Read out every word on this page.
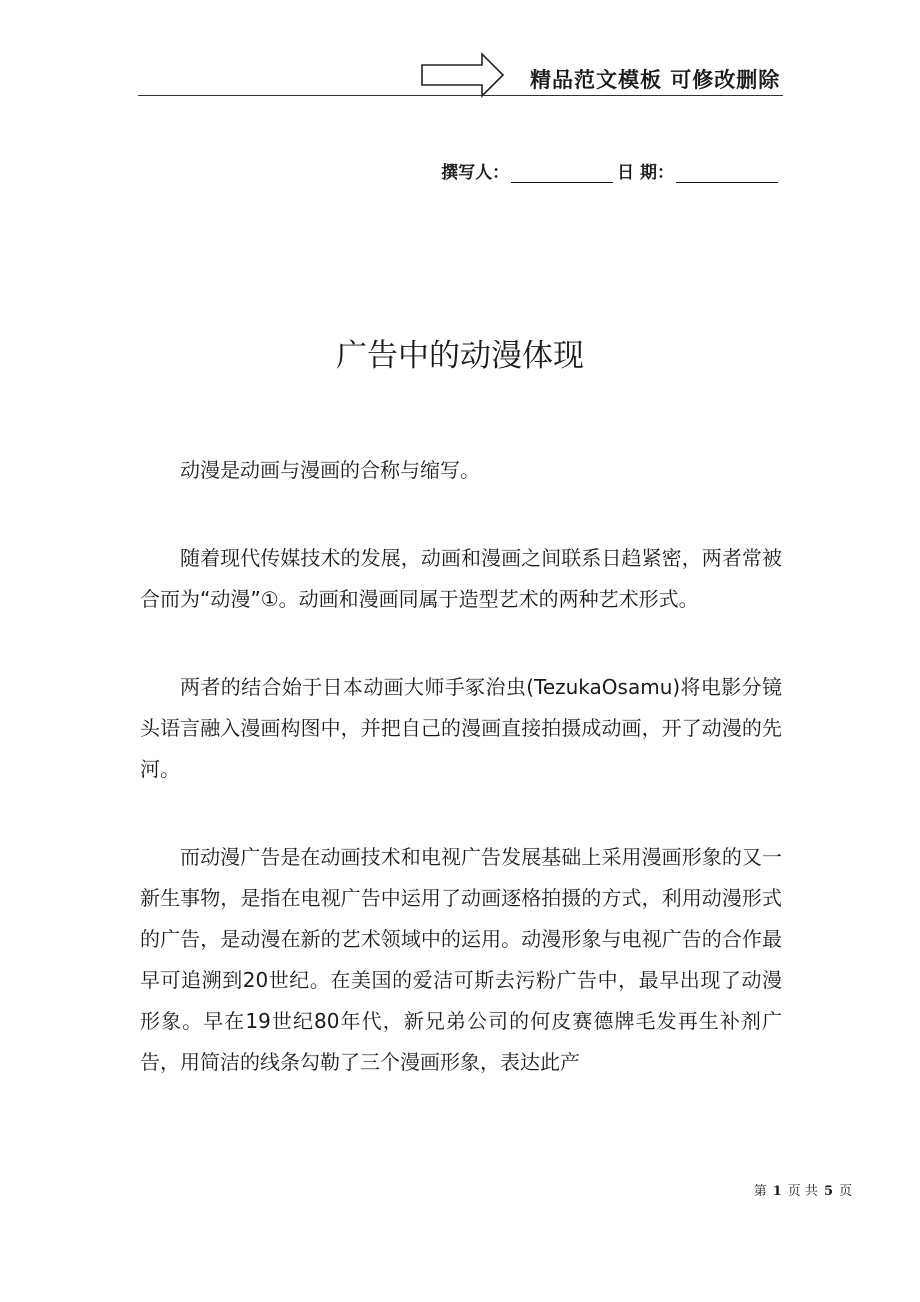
精品范文模板 可修改删除
撰写人：	日 期：
广告中的动漫体现

动漫是动画与漫画的合称与缩写。

随着现代传媒技术的发展，动画和漫画之间联系日趋紧密，两者常被合而为“动漫”①。动画和漫画同属于造型艺术的两种艺术形式。

两者的结合始于日本动画大师手冢治虫(TezukaOsamu)将电影分镜头语言融入漫画构图中，并把自己的漫画直接拍摄成动画，开了动漫的先河。

而动漫广告是在动画技术和电视广告发展基础上采用漫画形象的又一新生事物，是指在电视广告中运用了动画逐格拍摄的方式，利用动漫形式的广告，是动漫在新的艺术领域中的运用。动漫形象与电视广告的合作最早可追溯到20世纪。在美国的爱洁可斯去污粉广告中，最早出现了动漫形象。早在19世纪80年代，新兄弟公司的何皮赛德牌毛发再生补剂广告，用简洁的线条勾勒了三个漫画形象，表达此产

第 1 页 共 5 页
